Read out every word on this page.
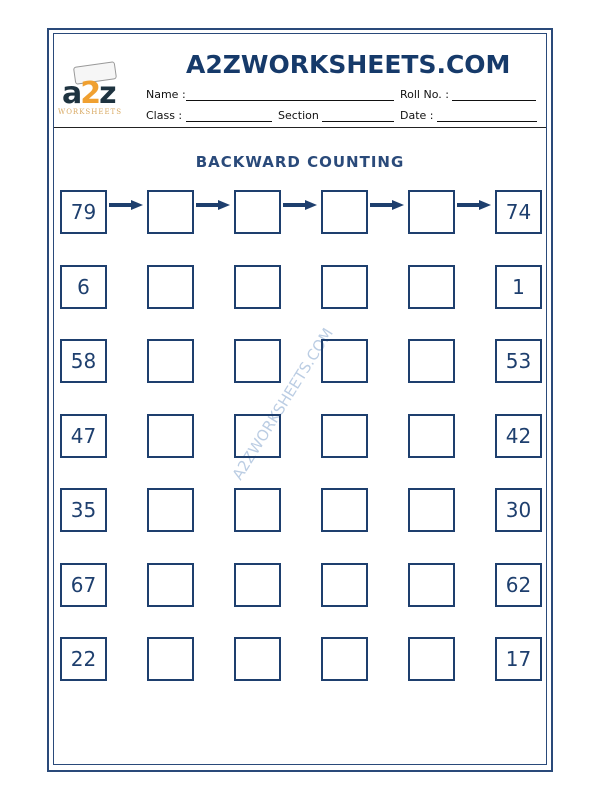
a2z
WORKSHEETS
A2ZWORKSHEETS.COM
Name :	Roll No. :
Class :	Section	Date :
BACKWARD COUNTING
A2ZWORKSHEETS.COM
79	74
6	1
58	53
47	42
35	30
67	62
22	17
